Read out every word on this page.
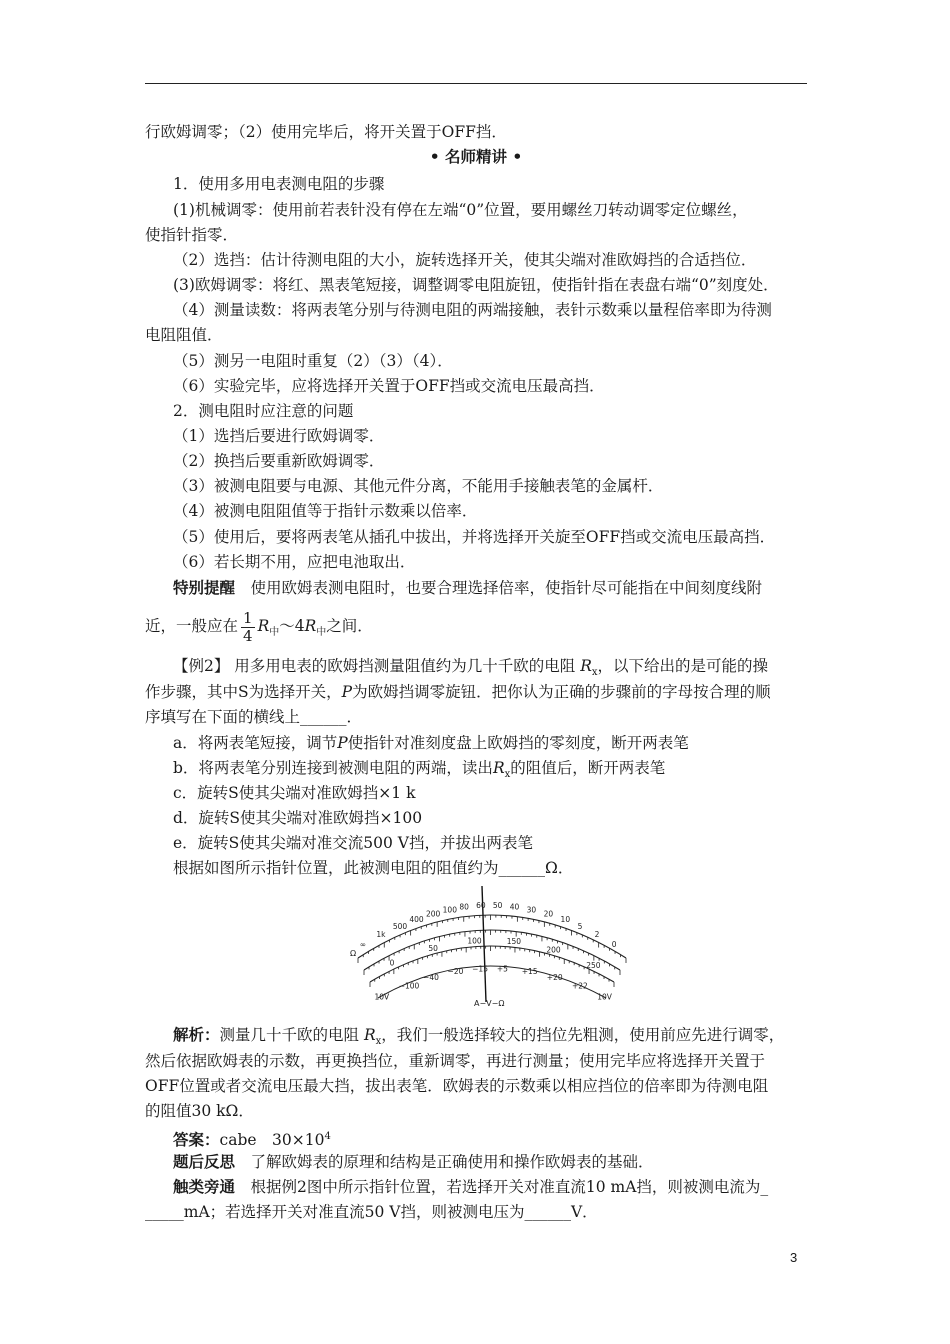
行欧姆调零；（2）使用完毕后，将开关置于OFF挡．
• 名师精讲 •
1．使用多用电表测电阻的步骤
(1)机械调零：使用前若表针没有停在左端“0”位置，要用螺丝刀转动调零定位螺丝，
使指针指零．
（2）选挡：估计待测电阻的大小，旋转选择开关，使其尖端对准欧姆挡的合适挡位．
(3)欧姆调零：将红、黑表笔短接，调整调零电阻旋钮，使指针指在表盘右端“0”刻度处．
（4）测量读数：将两表笔分别与待测电阻的两端接触，表针示数乘以量程倍率即为待测
电阻阻值．
（5）测另一电阻时重复（2）（3）（4）．
（6）实验完毕，应将选择开关置于OFF挡或交流电压最高挡．
2．测电阻时应注意的问题
（1）选挡后要进行欧姆调零．
（2）换挡后要重新欧姆调零．
（3）被测电阻要与电源、其他元件分离，不能用手接触表笔的金属杆．
（4）被测电阻阻值等于指针示数乘以倍率．
（5）使用后，要将两表笔从插孔中拔出，并将选择开关旋至OFF挡或交流电压最高挡．
（6）若长期不用，应把电池取出．
特别提醒　使用欧姆表测电阻时，也要合理选择倍率，使指针尽可能指在中间刻度线附
近，一般应在 $\frac{1}{4}$ $R_中\sim 4R_中$之间．
【例2】 用多用电表的欧姆挡测量阻值约为几十千欧的电阻 $R_x$，以下给出的是可能的操
作步骤，其中S为选择开关，P为欧姆挡调零旋钮．把你认为正确的步骤前的字母按合理的顺
序填写在下面的横线上______．
a．将两表笔短接，调节P使指针对准刻度盘上欧姆挡的零刻度，断开两表笔
b．将两表笔分别连接到被测电阻的两端，读出$R_x$的阻值后，断开两表笔
c．旋转S使其尖端对准欧姆挡×1 k
d．旋转S使其尖端对准欧姆挡×100
e．旋转S使其尖端对准交流500 V挡，并拔出两表笔
根据如图所示指针位置，此被测电阻的阻值约为______Ω．
Ω
A−V−Ω
∞
1k
500
400
200 100 80 60 50 40 30 20
10
5
2
0
0
50
100	150
200
250
10V
−100
−40
−20 −15 +5 +15
+20
+22
10V
解析：测量几十千欧的电阻 $R_x$，我们一般选择较大的挡位先粗测，使用前应先进行调零，
然后依据欧姆表的示数，再更换挡位，重新调零，再进行测量；使用完毕应将选择开关置于
OFF位置或者交流电压最大挡，拔出表笔．欧姆表的示数乘以相应挡位的倍率即为待测电阻
的阻值30 kΩ．
答案：cabe　$30\times 10^4$
题后反思　了解欧姆表的原理和结构是正确使用和操作欧姆表的基础．
触类旁通　根据例2图中所示指针位置，若选择开关对准直流10 mA挡，则被测电流为_
_____mA；若选择开关对准直流50 V挡，则被测电压为______V．
3
